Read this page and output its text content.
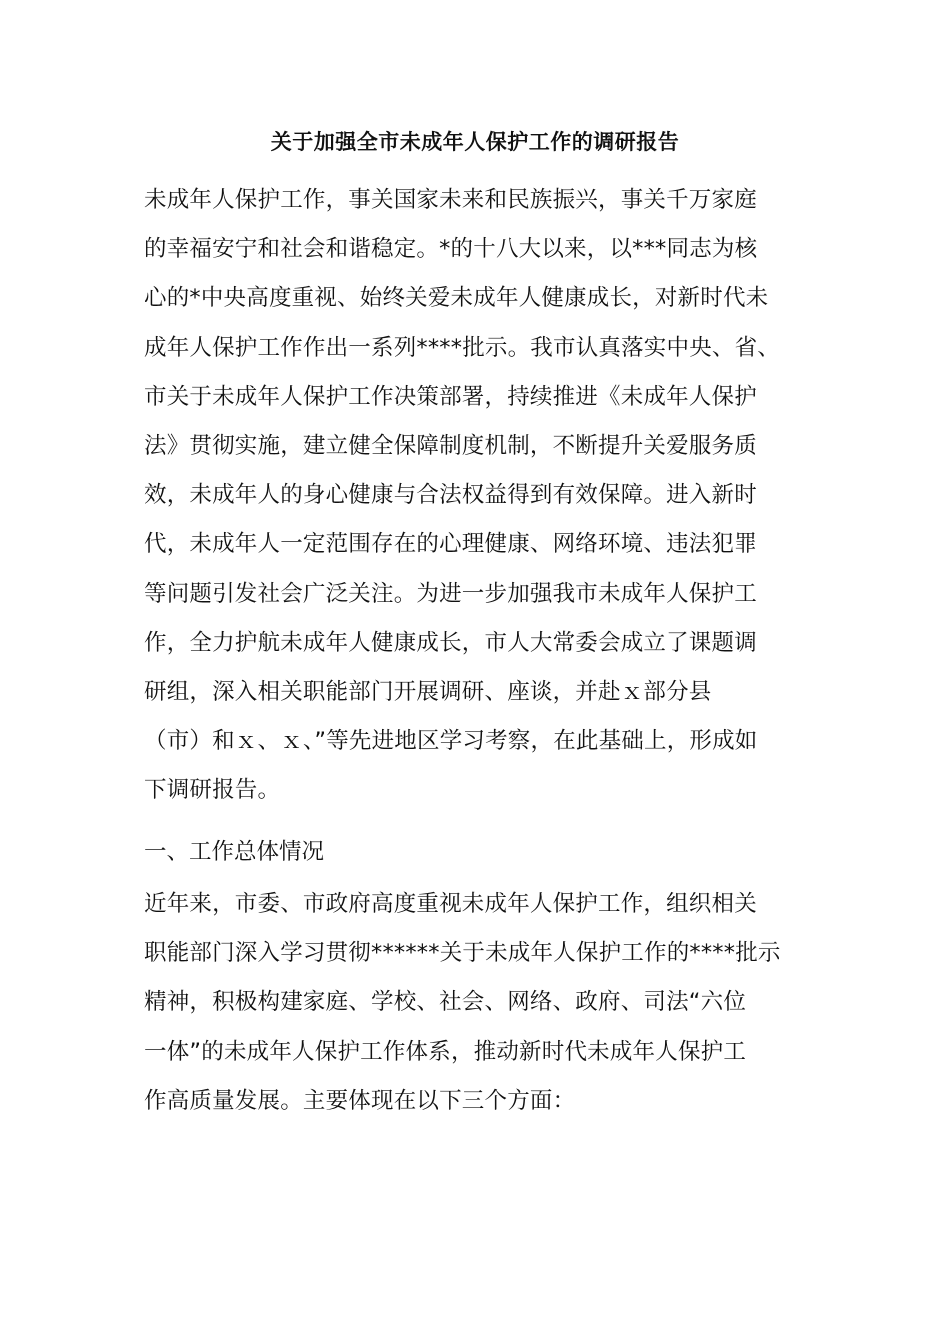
关于加强全市未成年人保护工作的调研报告
未成年人保护工作，事关国家未来和民族振兴，事关千万家庭
的幸福安宁和社会和谐稳定。*的十八大以来，以***同志为核
心的*中央高度重视、始终关爱未成年人健康成长，对新时代未
成年人保护工作作出一系列****批示。我市认真落实中央、省、
市关于未成年人保护工作决策部署，持续推进《未成年人保护
法》贯彻实施，建立健全保障制度机制，不断提升关爱服务质
效，未成年人的身心健康与合法权益得到有效保障。进入新时
代，未成年人一定范围存在的心理健康、网络环境、违法犯罪
等问题引发社会广泛关注。为进一步加强我市未成年人保护工
作，全力护航未成年人健康成长，市人大常委会成立了课题调
研组，深入相关职能部门开展调研、座谈，并赴ｘ部分县
（市）和ｘ、ｘ、”等先进地区学习考察，在此基础上，形成如
下调研报告。
一、工作总体情况
近年来，市委、市政府高度重视未成年人保护工作，组织相关
职能部门深入学习贯彻******关于未成年人保护工作的****批示
精神，积极构建家庭、学校、社会、网络、政府、司法“六位
一体”的未成年人保护工作体系，推动新时代未成年人保护工
作高质量发展。主要体现在以下三个方面：
